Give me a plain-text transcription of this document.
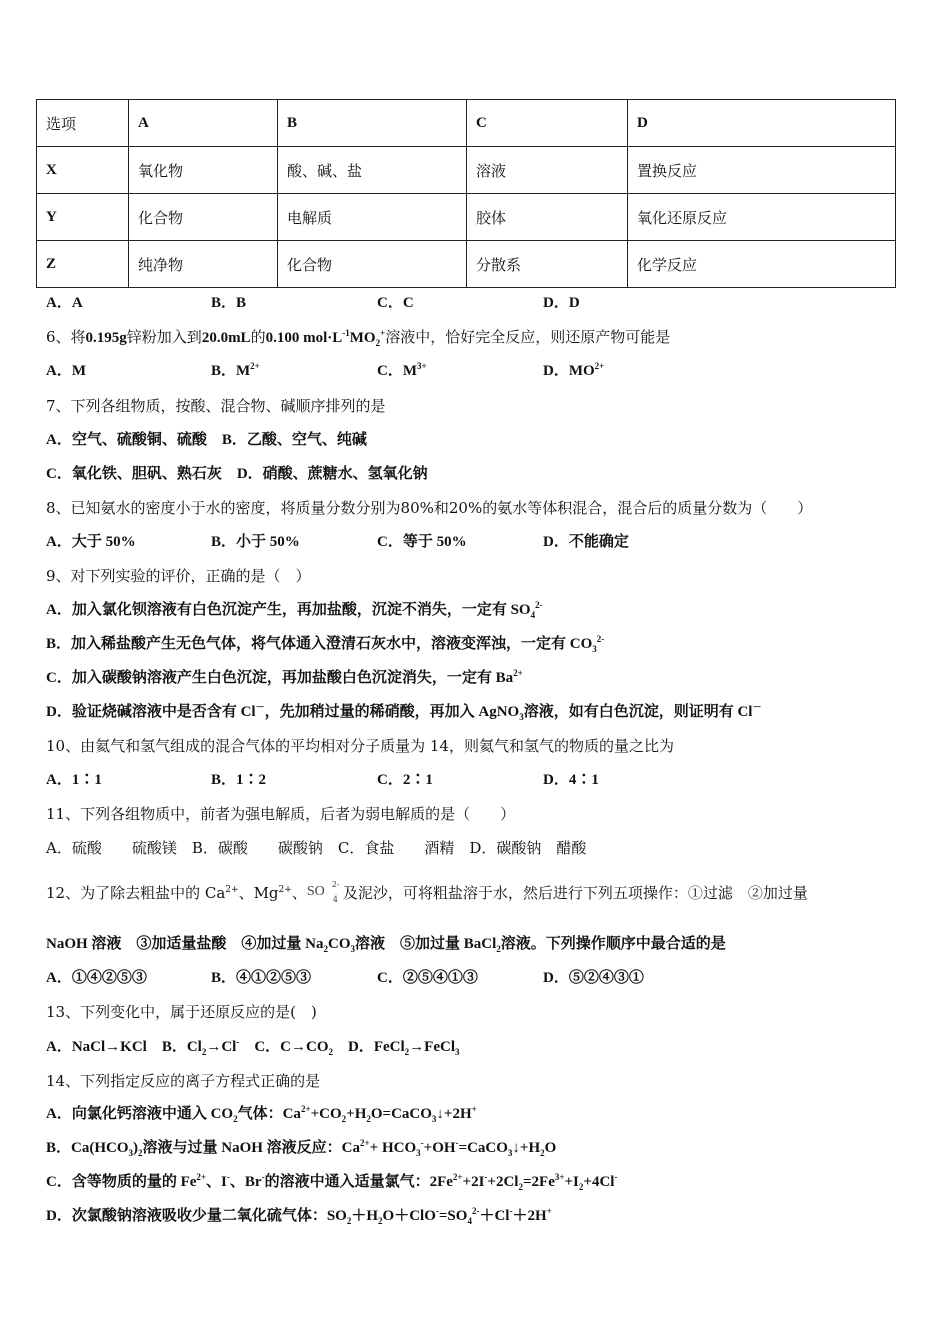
选项	A	B	C	D
X	氧化物	酸、碱、盐	溶液	置换反应
Y	化合物	电解质	胶体	氧化还原反应
Z	纯净物	化合物	分散系	化学反应
A．A	B．B	C．C	D．D
6、将0.195g锌粉加入到20.0mL的0.100 $mol\cdot L^{-1}MO_2^+$溶液中，恰好完全反应，则还原产物可能是
A．M	B．$M^{2+}$	C．$M^{3+}$	D．$MO^{2+}$
7、下列各组物质，按酸、混合物、碱顺序排列的是
A．空气、硫酸铜、硫酸　B．乙酸、空气、纯碱
C．氧化铁、胆矾、熟石灰　D．硝酸、蔗糖水、氢氧化钠
8、已知氨水的密度小于水的密度，将质量分数分别为80%和20%的氨水等体积混合，混合后的质量分数为（　　）
A．大于 50%	B．小于 50%	C．等于 50%	D．不能确定
9、对下列实验的评价，正确的是（　）
A．加入氯化钡溶液有白色沉淀产生，再加盐酸，沉淀不消失，一定有 $SO_4^{2-}$
B．加入稀盐酸产生无色气体，将气体通入澄清石灰水中，溶液变浑浊，一定有 $CO_3^{2-}$
C．加入碳酸钠溶液产生白色沉淀，再加盐酸白色沉淀消失，一定有 $Ba^{2+}$
D．验证烧碱溶液中是否含有 Cl－，先加稍过量的稀硝酸，再加入 AgNO$_3$溶液，如有白色沉淀，则证明有 Cl－
10、由氦气和氢气组成的混合气体的平均相对分子质量为 14，则氦气和氢气的物质的量之比为
A．1∶1	B．1∶2	C．2∶1	D．4∶1
11、下列各组物质中，前者为强电解质，后者为弱电解质的是（　　）
A．硫酸　　硫酸镁　B．碳酸　　碳酸钠　C．食盐　　酒精　D．碳酸钠　醋酸
12、为了除去粗盐中的 $Ca^{2+}$、$Mg^{2+}$、 SO 2-
4 及泥沙，可将粗盐溶于水，然后进行下列五项操作：①过滤　②加过量
NaOH 溶液　③加适量盐酸　④加过量 $Na_2CO_3$溶液　⑤加过量 BaCl$_2$溶液。下列操作顺序中最合适的是
A．①④②⑤③	B．④①②⑤③	C．②⑤④①③	D．⑤②④③①
13、下列变化中，属于还原反应的是(　)
A．NaCl→KCl　B．$Cl_2\to Cl^-$　C．$C\to CO_2$　D．FeCl$_2$→FeCl$_3$
14、下列指定反应的离子方程式正确的是
A．向氯化钙溶液中通入 $CO_2$气体：$Ca^{2+}+CO_2+H_2O=CaCO_3↓+2H^+$
B．$Ca(HCO_3)_2$溶液与过量 NaOH 溶液反应：$Ca^{2+}+$ $HCO_3^-+OH^-=CaCO_3↓+H_2O$
C．含等物质的量的 $Fe^{2+}$、I-、Br-的溶液中通入适量氯气：$2Fe^{2+}+2I^-+2Cl_2=2Fe^{3+}+I_2+4Cl^-$
D．次氯酸钠溶液吸收少量二氧化硫气体：$SO_2+H_2O+ClO^-=SO_4^{2-}+Cl^-+2H^+$
